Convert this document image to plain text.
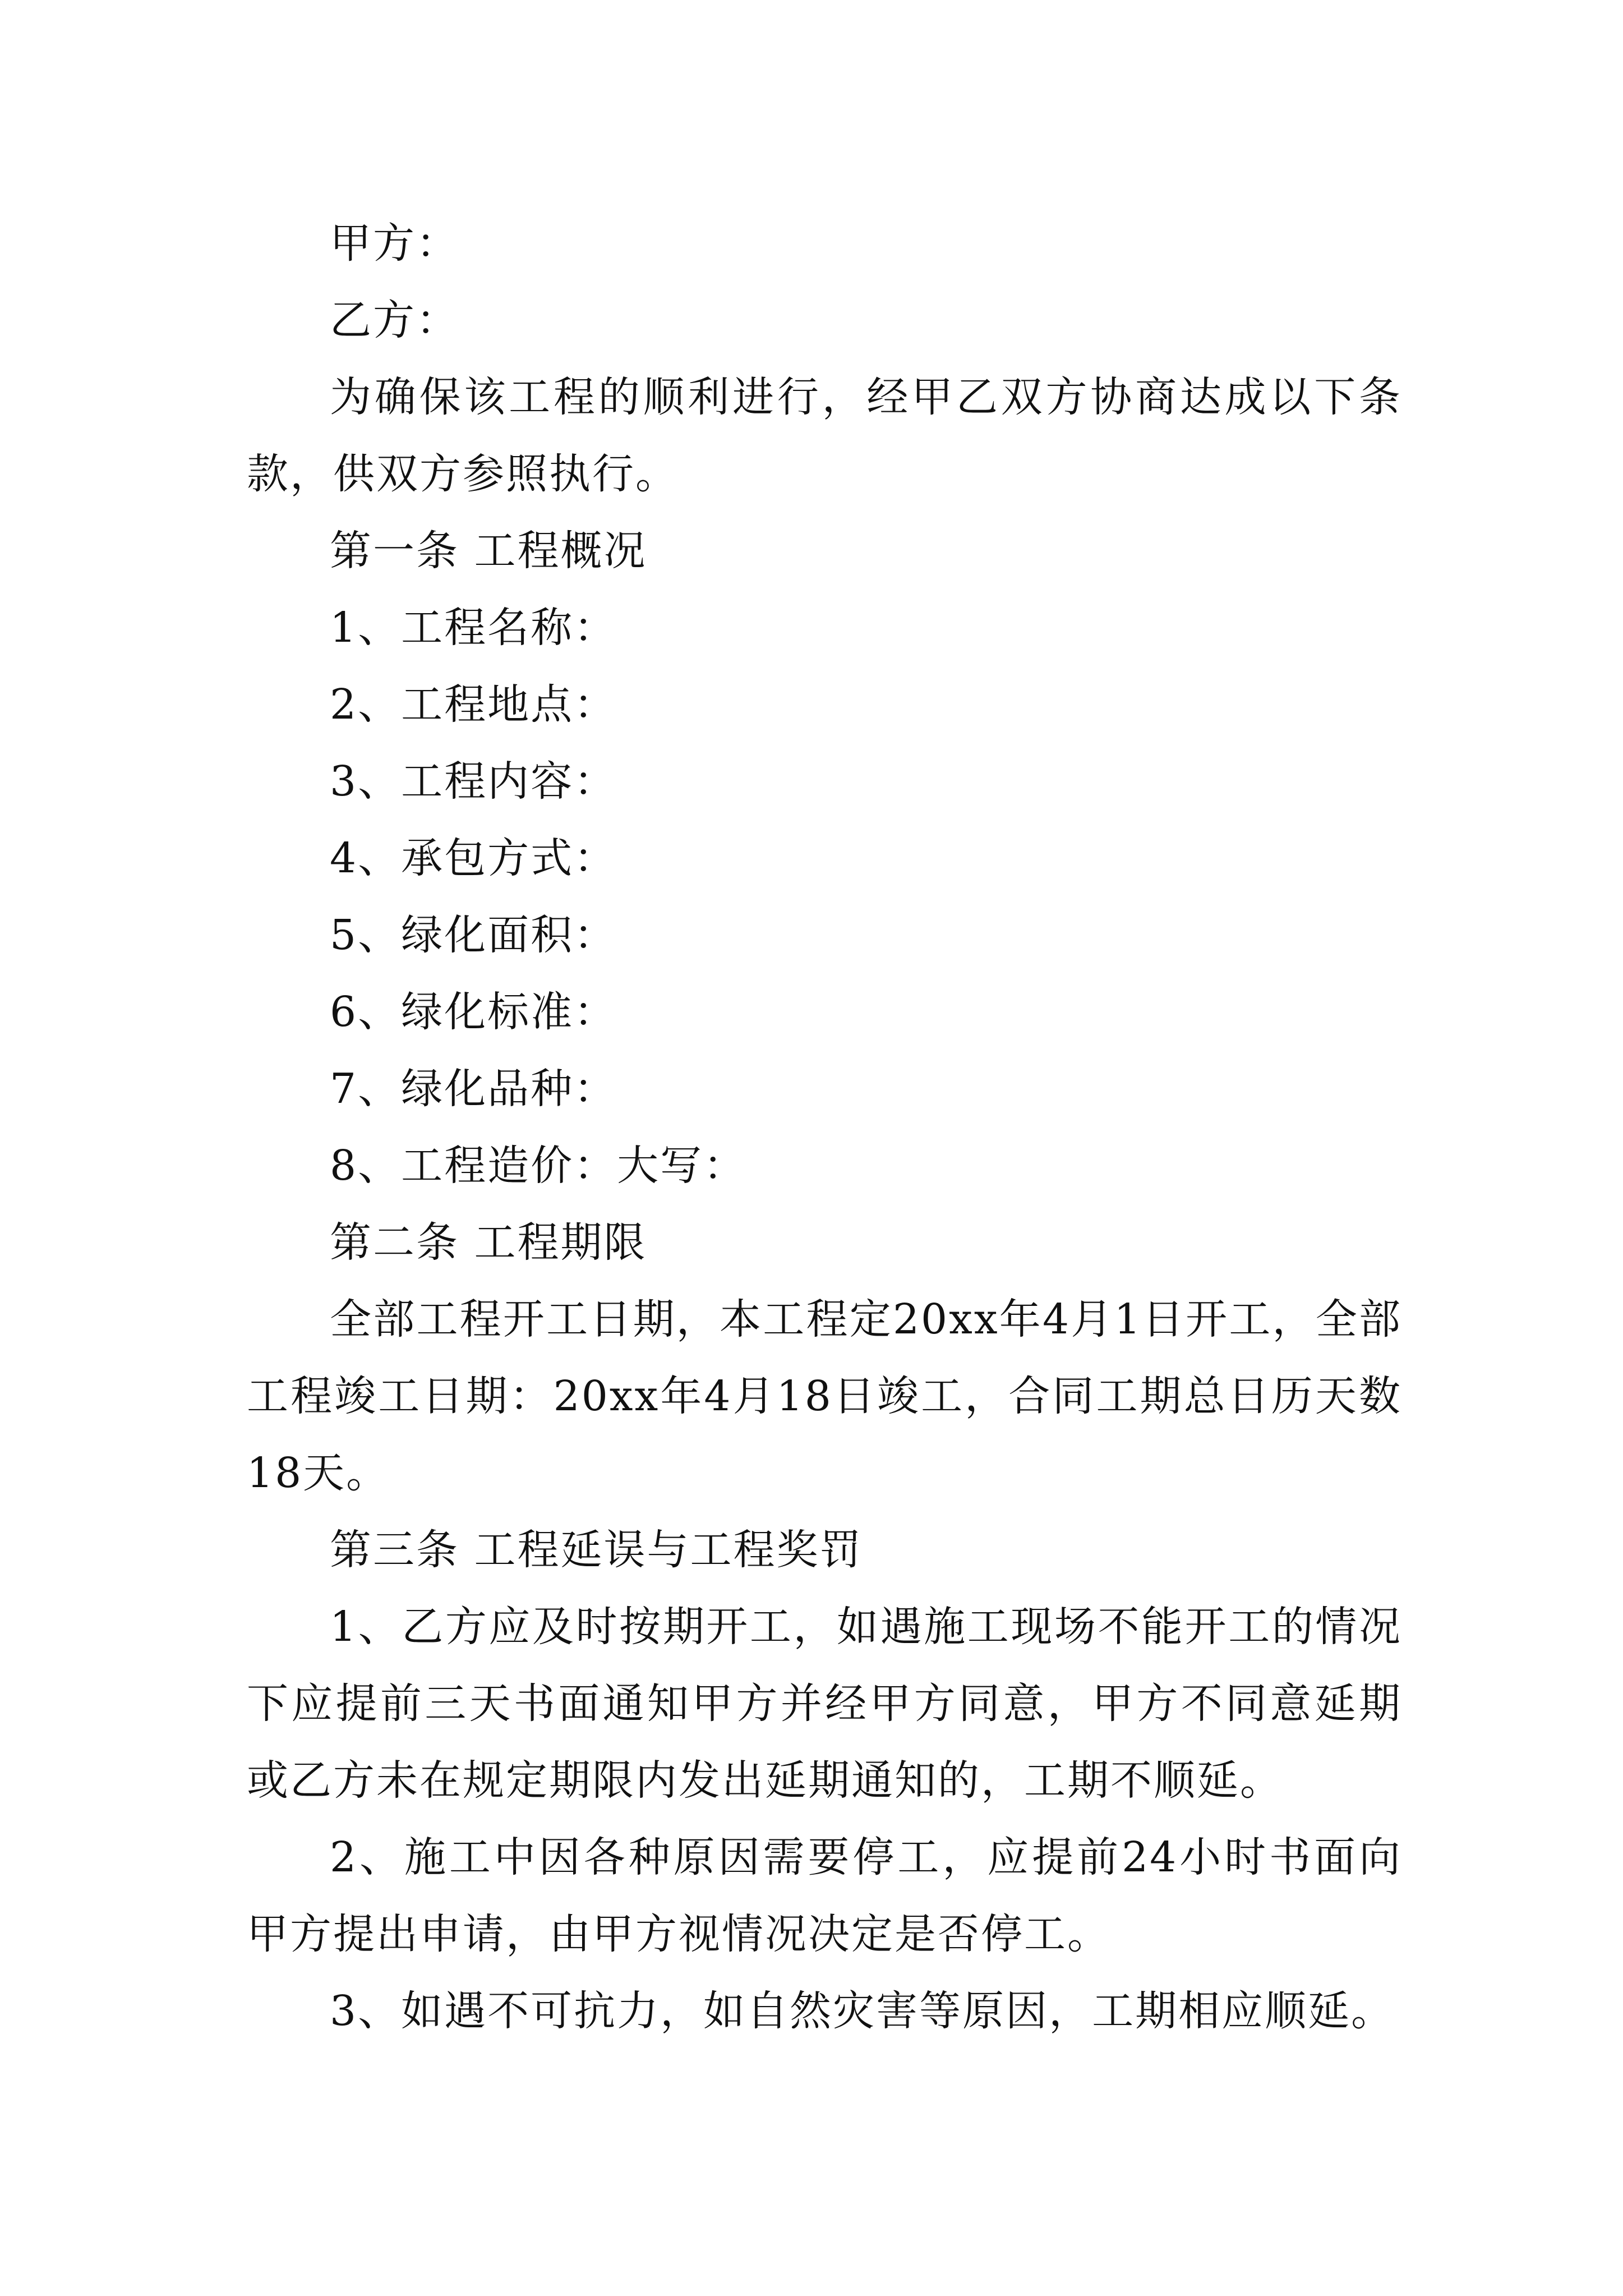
甲方：

乙方：

为确保该工程的顺利进行，经甲乙双方协商达成以下条款，供双方参照执行。

第一条 工程概况

1、工程名称：

2、工程地点：

3、工程内容：

4、承包方式：

5、绿化面积：

6、绿化标准：

7、绿化品种：

8、工程造价：大写：

第二条 工程期限

全部工程开工日期，本工程定20xx年4月1日开工，全部工程竣工日期：20xx年4月18日竣工，合同工期总日历天数18天。

第三条 工程延误与工程奖罚

1、乙方应及时按期开工，如遇施工现场不能开工的情况下应提前三天书面通知甲方并经甲方同意，甲方不同意延期或乙方未在规定期限内发出延期通知的，工期不顺延。

2、施工中因各种原因需要停工，应提前24小时书面向甲方提出申请，由甲方视情况决定是否停工。

3、如遇不可抗力，如自然灾害等原因，工期相应顺延。
